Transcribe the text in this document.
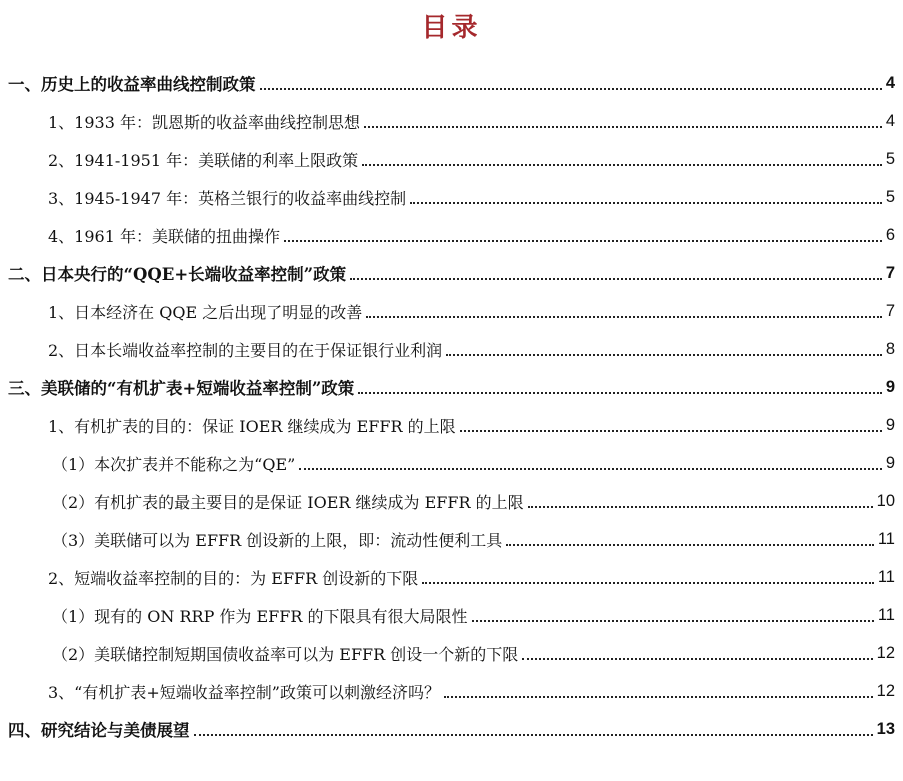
目录
一、历史上的收益率曲线控制政策	4
1、1933 年：凯恩斯的收益率曲线控制思想	4
2、1941-1951 年：美联储的利率上限政策	5
3、1945-1947 年：英格兰银行的收益率曲线控制	5
4、1961 年：美联储的扭曲操作	6
二、日本央行的“QQE+长端收益率控制”政策	7
1、日本经济在 QQE 之后出现了明显的改善	7
2、日本长端收益率控制的主要目的在于保证银行业利润	8
三、美联储的“有机扩表+短端收益率控制”政策	9
1、有机扩表的目的：保证 IOER 继续成为 EFFR 的上限	9
（1）本次扩表并不能称之为“QE”	9
（2）有机扩表的最主要目的是保证 IOER 继续成为 EFFR 的上限	10
（3）美联储可以为 EFFR 创设新的上限，即：流动性便利工具	11
2、短端收益率控制的目的：为 EFFR 创设新的下限	11
（1）现有的 ON RRP 作为 EFFR 的下限具有很大局限性	11
（2）美联储控制短期国债收益率可以为 EFFR 创设一个新的下限	12
3、“有机扩表+短端收益率控制”政策可以刺激经济吗？	12
四、研究结论与美债展望	13
